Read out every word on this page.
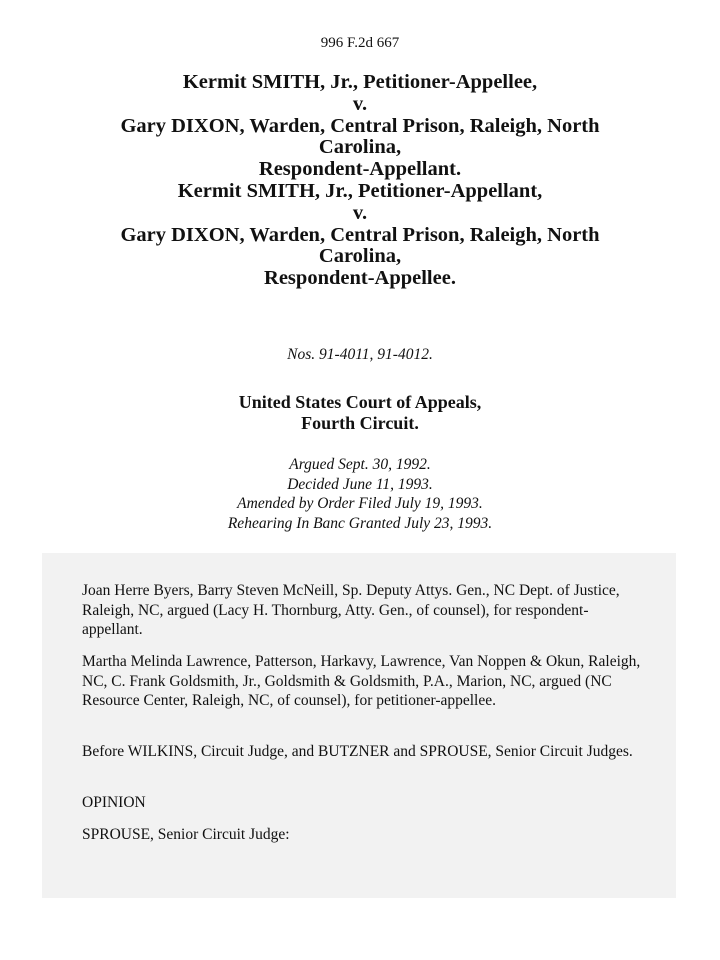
996 F.2d 667
Kermit SMITH, Jr., Petitioner-Appellee,
v.
Gary DIXON, Warden, Central Prison, Raleigh, North
Carolina,
Respondent-Appellant.
Kermit SMITH, Jr., Petitioner-Appellant,
v.
Gary DIXON, Warden, Central Prison, Raleigh, North
Carolina,
Respondent-Appellee.
Nos. 91-4011, 91-4012.
United States Court of Appeals,
Fourth Circuit.
Argued Sept. 30, 1992.
Decided June 11, 1993.
Amended by Order Filed July 19, 1993.
Rehearing In Banc Granted July 23, 1993.

Joan Herre Byers, Barry Steven McNeill, Sp. Deputy Attys. Gen., NC Dept. of Justice, Raleigh, NC, argued (Lacy H. Thornburg, Atty. Gen., of counsel), for respondent-appellant.

Martha Melinda Lawrence, Patterson, Harkavy, Lawrence, Van Noppen & Okun, Raleigh, NC, C. Frank Goldsmith, Jr., Goldsmith & Goldsmith, P.A., Marion, NC, argued (NC Resource Center, Raleigh, NC, of counsel), for petitioner-appellee.

Before WILKINS, Circuit Judge, and BUTZNER and SPROUSE, Senior Circuit Judges.

OPINION

SPROUSE, Senior Circuit Judge:
